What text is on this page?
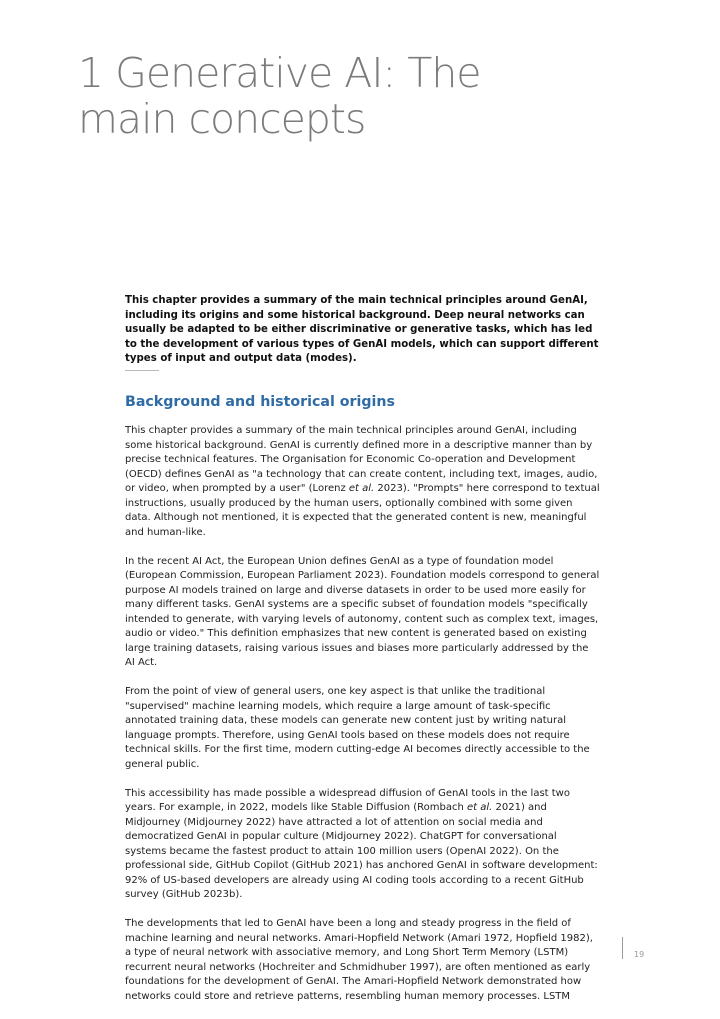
1 Generative AI: The main concepts

This chapter provides a summary of the main technical principles around GenAI, including its origins and some historical background. Deep neural networks can usually be adapted to be either discriminative or generative tasks, which has led to the development of various types of GenAI models, which can support different types of input and output data (modes).

Background and historical origins

This chapter provides a summary of the main technical principles around GenAI, including some historical background. GenAI is currently defined more in a descriptive manner than by precise technical features. The Organisation for Economic Co-operation and Development (OECD) defines GenAI as "a technology that can create content, including text, images, audio, or video, when prompted by a user" (Lorenz et al. 2023). "Prompts" here correspond to textual instructions, usually produced by the human users, optionally combined with some given data. Although not mentioned, it is expected that the generated content is new, meaningful and human-like.

In the recent AI Act, the European Union defines GenAI as a type of foundation model (European Commission, European Parliament 2023). Foundation models correspond to general purpose AI models trained on large and diverse datasets in order to be used more easily for many different tasks. GenAI systems are a specific subset of foundation models "specifically intended to generate, with varying levels of autonomy, content such as complex text, images, audio or video." This definition emphasizes that new content is generated based on existing large training datasets, raising various issues and biases more particularly addressed by the AI Act.

From the point of view of general users, one key aspect is that unlike the traditional "supervised" machine learning models, which require a large amount of task-specific annotated training data, these models can generate new content just by writing natural language prompts. Therefore, using GenAI tools based on these models does not require technical skills. For the first time, modern cutting-edge AI becomes directly accessible to the general public.

This accessibility has made possible a widespread diffusion of GenAI tools in the last two years. For example, in 2022, models like Stable Diffusion (Rombach et al. 2021) and Midjourney (Midjourney 2022) have attracted a lot of attention on social media and democratized GenAI in popular culture (Midjourney 2022). ChatGPT for conversational systems became the fastest product to attain 100 million users (OpenAI 2022). On the professional side, GitHub Copilot (GitHub 2021) has anchored GenAI in software development: 92% of US-based developers are already using AI coding tools according to a recent GitHub survey (GitHub 2023b).

The developments that led to GenAI have been a long and steady progress in the field of machine learning and neural networks. Amari-Hopfield Network (Amari 1972, Hopfield 1982), a type of neural network with associative memory, and Long Short Term Memory (LSTM) recurrent neural networks (Hochreiter and Schmidhuber 1997), are often mentioned as early foundations for the development of GenAI. The Amari-Hopfield Network demonstrated how networks could store and retrieve patterns, resembling human memory processes. LSTM

19
